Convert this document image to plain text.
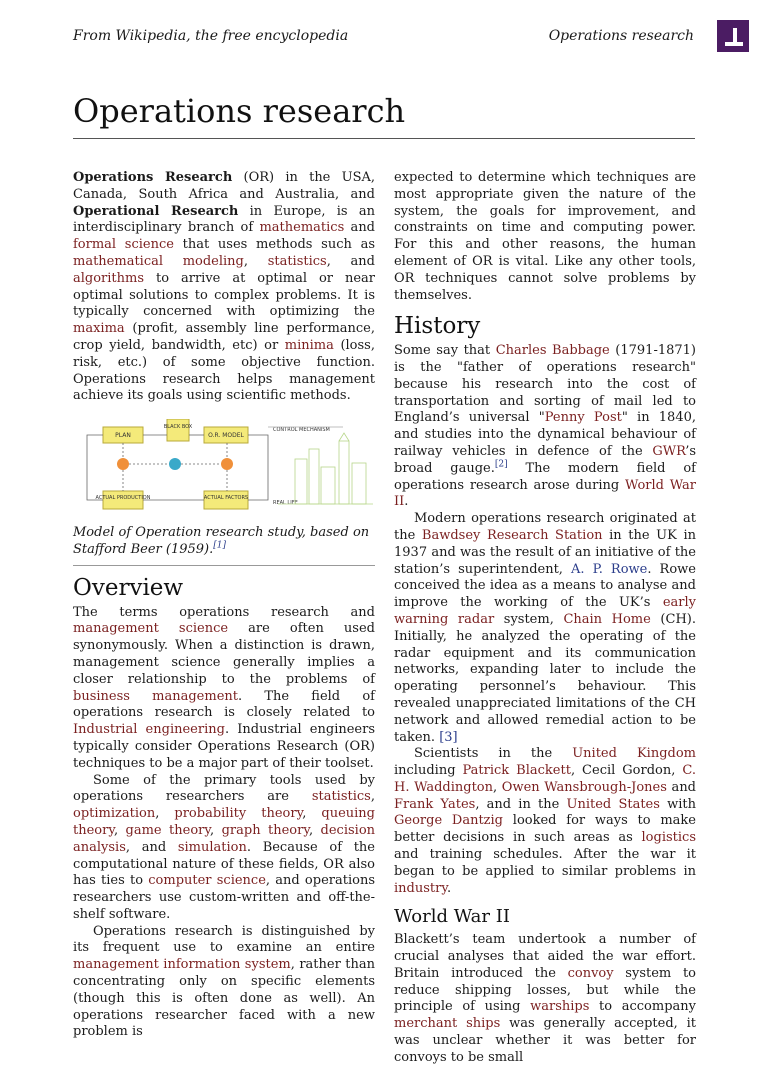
From Wikipedia, the free encyclopedia	Operations research
Operations research

Operations Research (OR) in the USA, Canada, South Africa and Australia, and Operational Research in Europe, is an interdisciplinary branch of mathematics and formal science that uses methods such as mathematical modeling, statistics, and algorithms to arrive at optimal or near optimal solutions to complex problems. It is typically concerned with optimizing the maxima (profit, assembly line performance, crop yield, bandwidth, etc) or minima (loss, risk, etc.) of some objective function. Operations research helps management achieve its goals using scientific methods.

PLAN
BLACK BOX
O.R. MODEL
CONTROL MECHANISM
ACTUAL PRODUCTION	ACTUAL FACTORS
REAL LIFE
Model of Operation research study, based on Stafford Beer (1959).[1]
Overview

The terms operations research and management science are often used synonymously. When a distinction is drawn, management science generally implies a closer relationship to the problems of business management. The field of operations research is closely related to Industrial engineering. Industrial engineers typically consider Operations Research (OR) techniques to be a major part of their toolset.

Some of the primary tools used by operations researchers are statistics, optimization, probability theory, queuing theory, game theory, graph theory, decision analysis, and simulation. Because of the computational nature of these fields, OR also has ties to computer science, and operations researchers use custom-written and off-the-shelf software.

Operations research is distinguished by its frequent use to examine an entire management information system, rather than concentrating only on specific elements (though this is often done as well). An operations researcher faced with a new problem is

expected to determine which techniques are most appropriate given the nature of the system, the goals for improvement, and constraints on time and computing power. For this and other reasons, the human element of OR is vital. Like any other tools, OR techniques cannot solve problems by themselves.

History

Some say that Charles Babbage (1791-1871) is the "father of operations research" because his research into the cost of transportation and sorting of mail led to England’s universal "Penny Post" in 1840, and studies into the dynamical behaviour of railway vehicles in defence of the GWR’s broad gauge.[2] The modern field of operations research arose during World War II.

Modern operations research originated at the Bawdsey Research Station in the UK in 1937 and was the result of an initiative of the station’s superintendent, A. P. Rowe. Rowe conceived the idea as a means to analyse and improve the working of the UK’s early warning radar system, Chain Home (CH). Initially, he analyzed the operating of the radar equipment and its communication networks, expanding later to include the operating personnel’s behaviour. This revealed unappreciated limitations of the CH network and allowed remedial action to be taken. [3]

Scientists in the United Kingdom including Patrick Blackett, Cecil Gordon, C. H. Waddington, Owen Wansbrough-Jones and Frank Yates, and in the United States with George Dantzig looked for ways to make better decisions in such areas as logistics and training schedules. After the war it began to be applied to similar problems in industry.

World War II

Blackett’s team undertook a number of crucial analyses that aided the war effort. Britain introduced the convoy system to reduce shipping losses, but while the principle of using warships to accompany merchant ships was generally accepted, it was unclear whether it was better for convoys to be small
